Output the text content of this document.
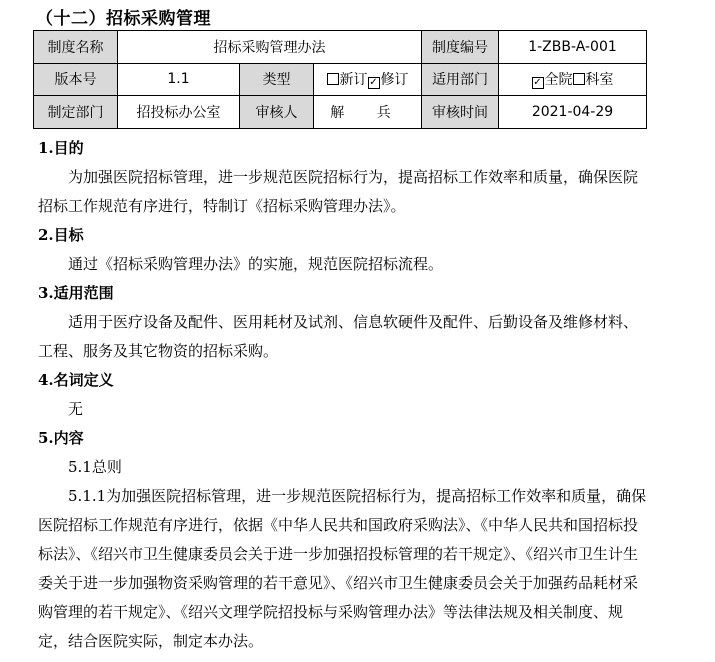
（十二）招标采购管理
制度名称	招标采购管理办法			制度编号	1-ZBB-A-001
版本号	1.1	类型	新订 ✓ 修订	适用部门	✓ 全院 科室
制定部门	招投标办公室	审核人	解 兵	审核时间	2021-04-29
1.目的
为加强医院招标管理，进一步规范医院招标行为，提高招标工作效率和质量，确保医院招标工作规范有序进行，特制订《招标采购管理办法》。
2.目标
通过《招标采购管理办法》的实施，规范医院招标流程。
3.适用范围
适用于医疗设备及配件、医用耗材及试剂、信息软硬件及配件、后勤设备及维修材料、工程、服务及其它物资的招标采购。
4.名词定义
无
5.内容
5.1总则
5.1.1为加强医院招标管理，进一步规范医院招标行为，提高招标工作效率和质量，确保医院招标工作规范有序进行，依据《中华人民共和国政府采购法》、《中华人民共和国招标投标法》、《绍兴市卫生健康委员会关于进一步加强招投标管理的若干规定》、《绍兴市卫生计生委关于进一步加强物资采购管理的若干意见》、《绍兴市卫生健康委员会关于加强药品耗材采购管理的若干规定》、《绍兴文理学院招投标与采购管理办法》等法律法规及相关制度、规定，结合医院实际，制定本办法。
